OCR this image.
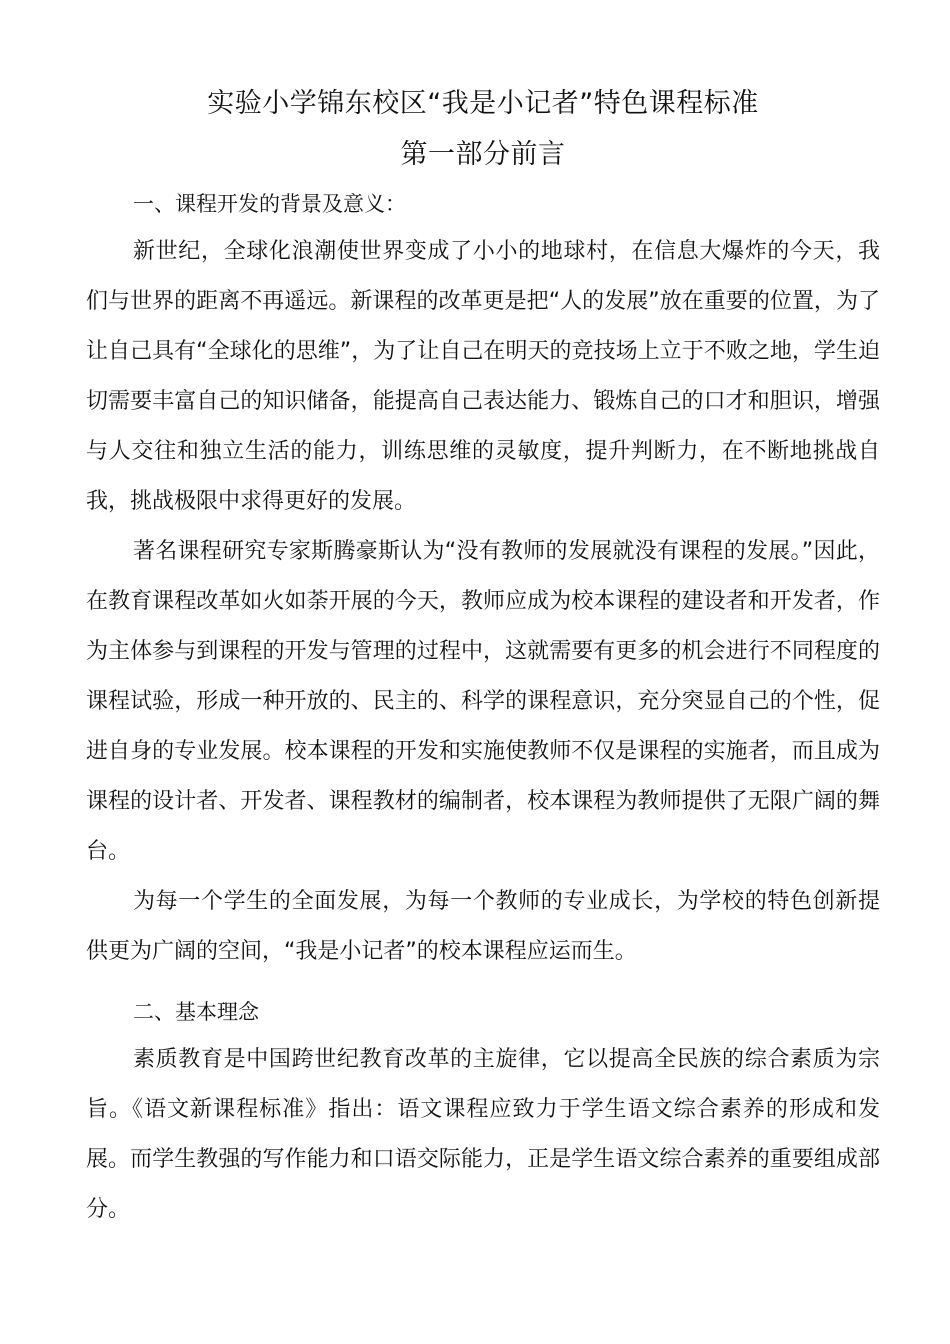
实验小学锦东校区“我是小记者”特色课程标准
第一部分前言
一、课程开发的背景及意义：

新世纪，全球化浪潮使世界变成了小小的地球村，在信息大爆炸的今天，我们与世界的距离不再遥远。新课程的改革更是把“人的发展”放在重要的位置，为了让自己具有“全球化的思维”，为了让自己在明天的竞技场上立于不败之地，学生迫切需要丰富自己的知识储备，能提高自己表达能力、锻炼自己的口才和胆识，增强与人交往和独立生活的能力，训练思维的灵敏度，提升判断力，在不断地挑战自我，挑战极限中求得更好的发展。

著名课程研究专家斯腾豪斯认为“没有教师的发展就没有课程的发展。”因此，在教育课程改革如火如荼开展的今天，教师应成为校本课程的建设者和开发者，作为主体参与到课程的开发与管理的过程中，这就需要有更多的机会进行不同程度的课程试验，形成一种开放的、民主的、科学的课程意识，充分突显自己的个性，促进自身的专业发展。校本课程的开发和实施使教师不仅是课程的实施者，而且成为课程的设计者、开发者、课程教材的编制者，校本课程为教师提供了无限广阔的舞台。

为每一个学生的全面发展，为每一个教师的专业成长，为学校的特色创新提供更为广阔的空间，“我是小记者”的校本课程应运而生。

二、基本理念

素质教育是中国跨世纪教育改革的主旋律，它以提高全民族的综合素质为宗旨。《语文新课程标准》指出：语文课程应致力于学生语文综合素养的形成和发展。而学生教强的写作能力和口语交际能力，正是学生语文综合素养的重要组成部分。
